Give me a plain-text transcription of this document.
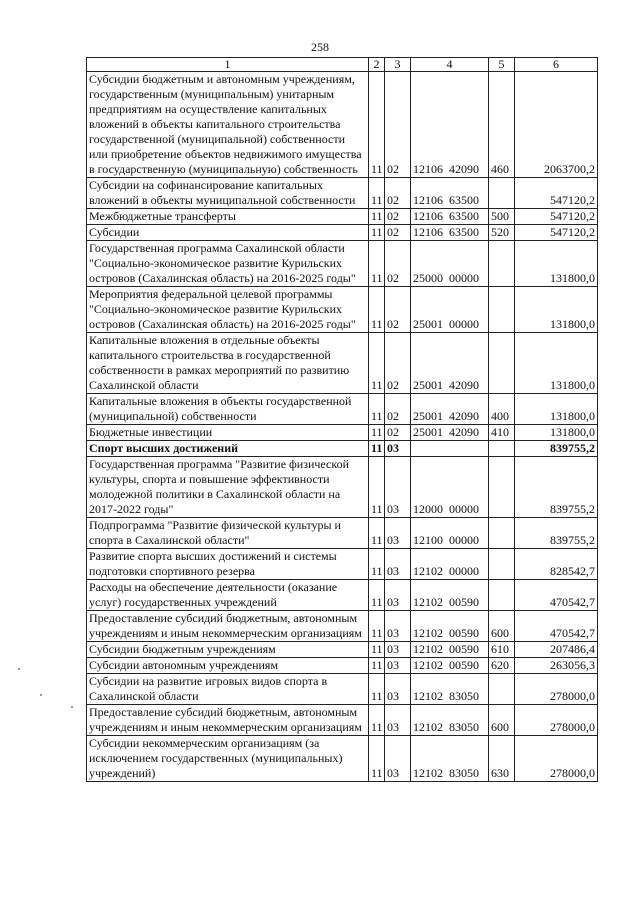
258
1	2	3	4	5	6
Субсидии бюджетным и автономным учреждениям, государственным (муниципальным) унитарным предприятиям на осуществление капитальных вложений в объекты капитального строительства государственной (муниципальной) собственности или приобретение объектов недвижимого имущества в государственную (муниципальную) собственность	11	02	12106  42090	460	2063700,2
Субсидии на софинансирование капитальных вложений в объекты муниципальной собственности	11	02	12106  63500		547120,2
Межбюджетные трансферты	11	02	12106  63500	500	547120,2
Субсидии	11	02	12106  63500	520	547120,2
Государственная программа Сахалинской области "Социально-экономическое развитие Курильских островов (Сахалинская область) на 2016-2025 годы"	11	02	25000  00000		131800,0
Мероприятия федеральной целевой программы "Социально-экономическое развитие Курильских островов (Сахалинская область) на 2016-2025 годы"	11	02	25001  00000		131800,0
Капитальные вложения в отдельные объекты капитального строительства в государственной собственности в рамках мероприятий по развитию Сахалинской области	11	02	25001  42090		131800,0
Капитальные вложения в объекты государственной (муниципальной) собственности	11	02	25001  42090	400	131800,0
Бюджетные инвестиции	11	02	25001  42090	410	131800,0
Спорт высших достижений	11	03			839755,2
Государственная программа "Развитие физической культуры, спорта и повышение эффективности молодежной политики в Сахалинской области на 2017-2022 годы"	11	03	12000  00000		839755,2
Подпрограмма "Развитие физической культуры и спорта в Сахалинской области"	11	03	12100  00000		839755,2
Развитие спорта высших достижений и системы подготовки спортивного резерва	11	03	12102  00000		828542,7
Расходы на обеспечение деятельности (оказание услуг) государственных учреждений	11	03	12102  00590		470542,7
Предоставление субсидий бюджетным, автономным учреждениям и иным некоммерческим организациям	11	03	12102  00590	600	470542,7
Субсидии бюджетным учреждениям	11	03	12102  00590	610	207486,4
Субсидии автономным учреждениям	11	03	12102  00590	620	263056,3
Субсидии на развитие игровых видов спорта в Сахалинской области	11	03	12102  83050		278000,0
Предоставление субсидий бюджетным, автономным учреждениям и иным некоммерческим организациям	11	03	12102  83050	600	278000,0
Субсидии некоммерческим организациям (за исключением государственных (муниципальных) учреждений)	11	03	12102  83050	630	278000,0
